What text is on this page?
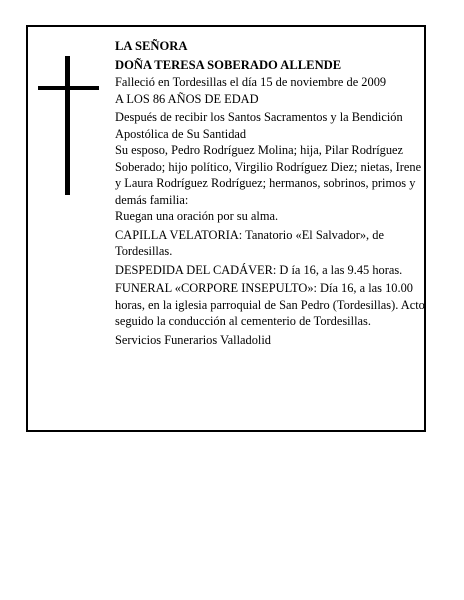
LA SEÑORA

DOÑA TERESA SOBERADO ALLENDE

Falleció en Tordesillas el día 15 de noviembre de 2009

A LOS 86 AÑOS DE EDAD

Después de recibir los Santos Sacramentos y la Bendición Apostólica de Su Santidad

Su esposo, Pedro Rodríguez Molina; hija, Pilar Rodríguez Soberado; hijo político, Virgilio Rodríguez Diez; nietas, Irene y Laura Rodríguez Rodríguez; hermanos, sobrinos, primos y demás familia:

Ruegan una oración por su alma.

CAPILLA VELATORIA: Tanatorio «El Salvador», de Tordesillas.

DESPEDIDA DEL CADÁVER: D ía 16, a las 9.45 horas.

FUNERAL «CORPORE INSEPULTO»: Día 16, a las 10.00 horas, en la iglesia parroquial de San Pedro (Tordesillas). Acto seguido la conducción al cementerio de Tordesillas.

Servicios Funerarios Valladolid
